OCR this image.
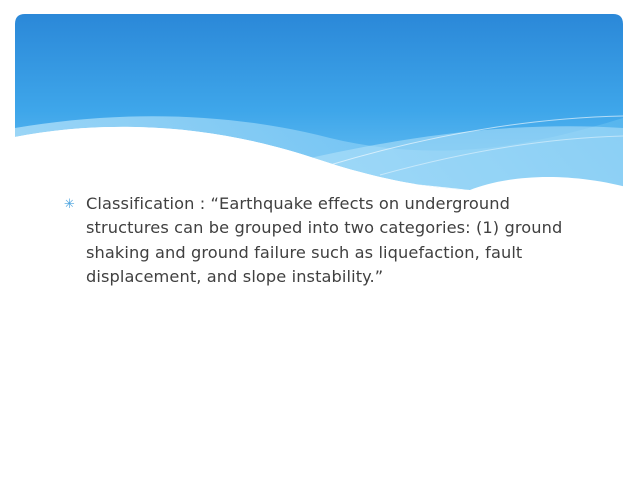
✳ Classification : “Earthquake effects on underground structures can be grouped into two categories: (1) ground shaking and ground failure such as liquefaction, fault displacement, and slope instability.”
